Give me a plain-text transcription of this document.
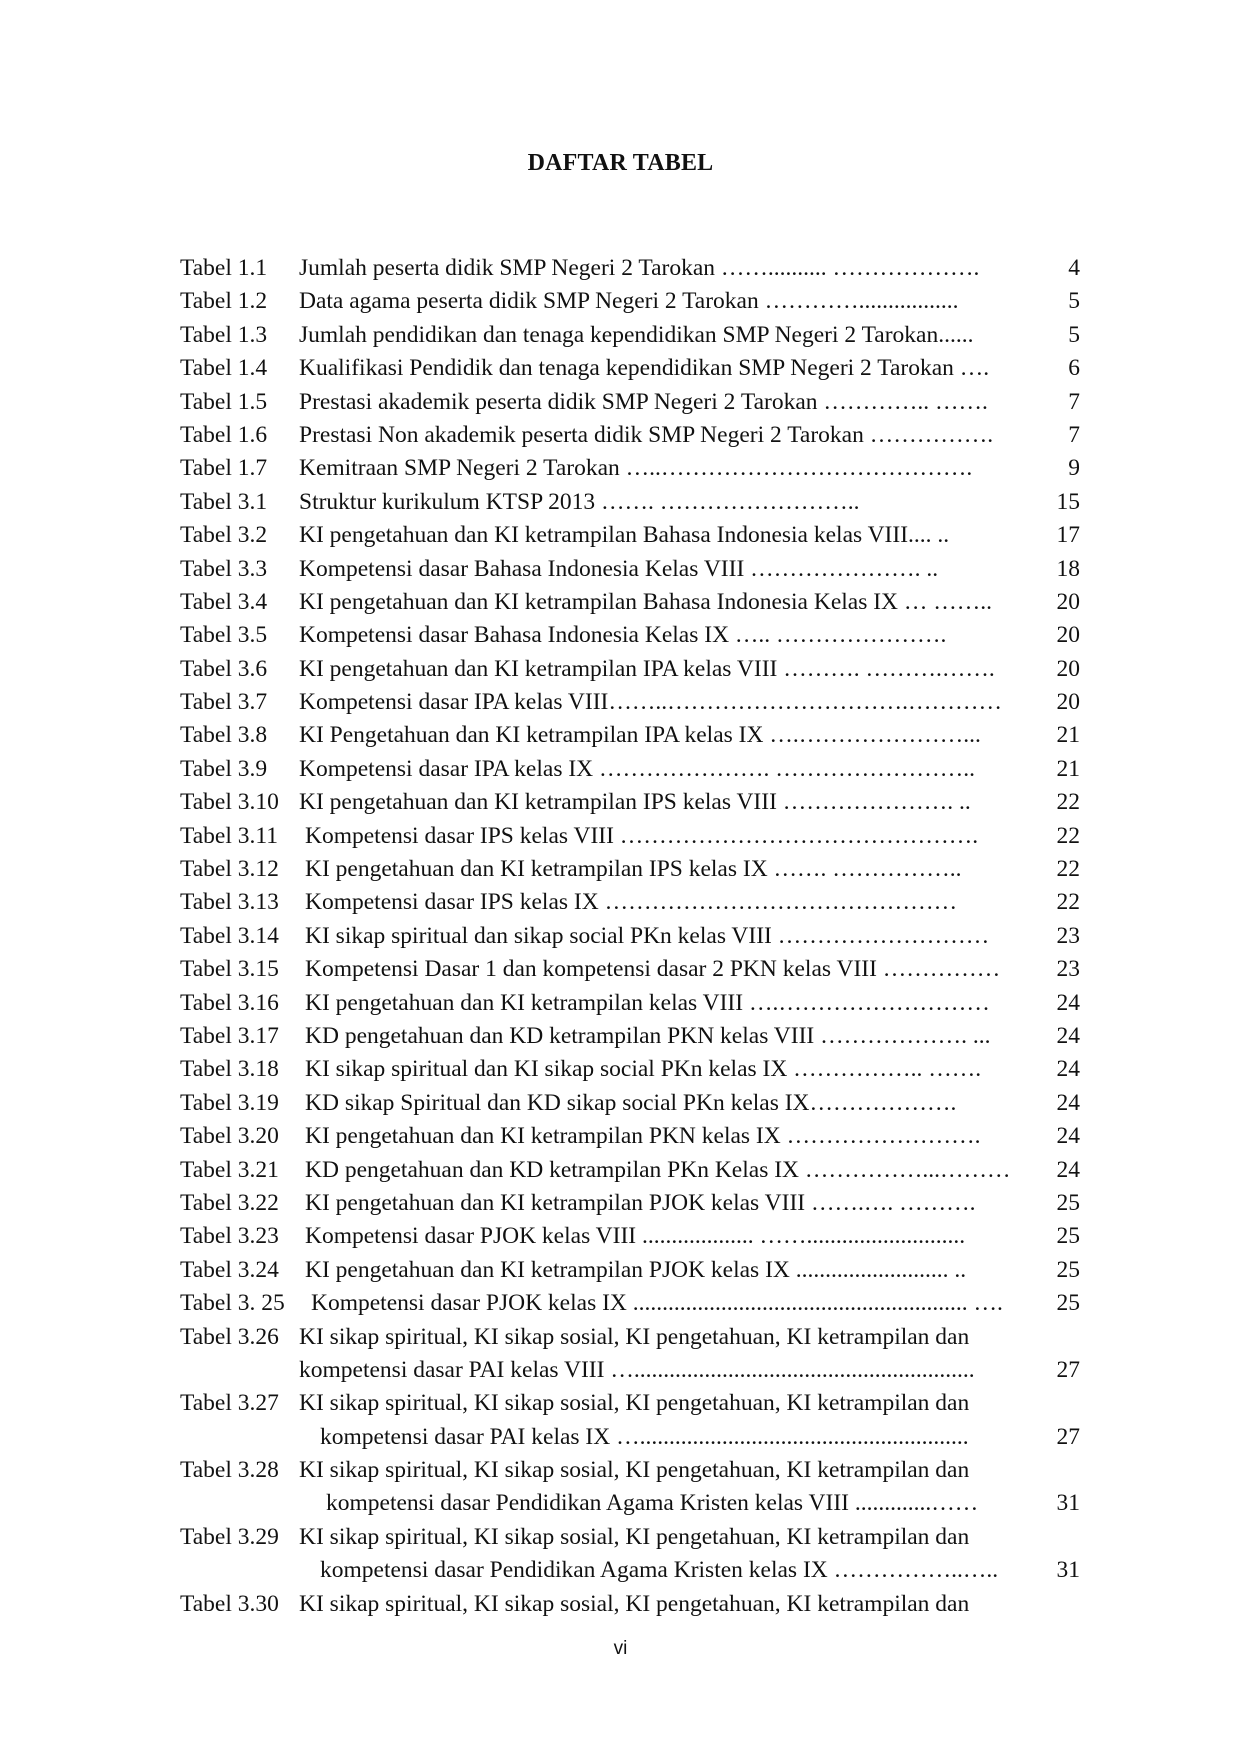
DAFTAR TABEL
Tabel 1.1 Jumlah peserta didik SMP Negeri 2 Tarokan …….......... ……………….	4
Tabel 1.2 Data agama peserta didik SMP Negeri 2 Tarokan ………….................	5
Tabel 1.3 Jumlah pendidikan dan tenaga kependidikan SMP Negeri 2 Tarokan......	5
Tabel 1.4 Kualifikasi Pendidik dan tenaga kependidikan SMP Negeri 2 Tarokan ….	6
Tabel 1.5 Prestasi akademik peserta didik SMP Negeri 2 Tarokan ………….. …….	7
Tabel 1.6 Prestasi Non akademik peserta didik SMP Negeri 2 Tarokan …………….	7
Tabel 1.7 Kemitraan SMP Negeri 2 Tarokan …..………………………………….	9
Tabel 3.1 Struktur kurikulum KTSP 2013 ……. ……………………..	15
Tabel 3.2 KI pengetahuan dan KI ketrampilan Bahasa Indonesia kelas VIII.... ..	17
Tabel 3.3 Kompetensi dasar Bahasa Indonesia Kelas VIII …………………. ..	18
Tabel 3.4 KI pengetahuan dan KI ketrampilan Bahasa Indonesia Kelas IX … ……..	20
Tabel 3.5 Kompetensi dasar Bahasa Indonesia Kelas IX ….. ………………….	20
Tabel 3.6 KI pengetahuan dan KI ketrampilan IPA kelas VIII ………. ……….…….	20
Tabel 3.7 Kompetensi dasar IPA kelas VIII……..………………………….………… 20
Tabel 3.8 KI Pengetahuan dan KI ketrampilan IPA kelas IX ….…………………...	21
Tabel 3.9 Kompetensi dasar IPA kelas IX …………………. ……………………..	21
Tabel 3.10 KI pengetahuan dan KI ketrampilan IPS kelas VIII …………………. ..	22
Tabel 3.11 Kompetensi dasar IPS kelas VIII ……………………………………….	22
Tabel 3.12 KI pengetahuan dan KI ketrampilan IPS kelas IX ……. ……………..	22
Tabel 3.13 Kompetensi dasar IPS kelas IX ………………………………………	22
Tabel 3.14 KI sikap spiritual dan sikap social PKn kelas VIII ………………………	23
Tabel 3.15 Kompetensi Dasar 1 dan kompetensi dasar 2 PKN kelas VIII …………… 23
Tabel 3.16 KI pengetahuan dan KI ketrampilan kelas VIII ….………………………	24
Tabel 3.17 KD pengetahuan dan KD ketrampilan PKN kelas VIII ………………. ...	24
Tabel 3.18 KI sikap spiritual dan KI sikap social PKn kelas IX …………….. …….	24
Tabel 3.19 KD sikap Spiritual dan KD sikap social PKn kelas IX……………….	24
Tabel 3.20 KI pengetahuan dan KI ketrampilan PKN kelas IX …………………….	24
Tabel 3.21 KD pengetahuan dan KD ketrampilan PKn Kelas IX ……………...……… 24
Tabel 3.22 KI pengetahuan dan KI ketrampilan PJOK kelas VIII …….…. ……….	25
Tabel 3.23 Kompetensi dasar PJOK kelas VIII ................... ……...........................	25
Tabel 3.24 KI pengetahuan dan KI ketrampilan PJOK kelas IX .......................... ..	25
Tabel 3. 25 Kompetensi dasar PJOK kelas IX ......................................................... …. 25
Tabel 3.26 KI sikap spiritual, KI sikap sosial, KI pengetahuan, KI ketrampilan dan
kompetensi dasar PAI kelas VIII …..........................................................	27
Tabel 3.27 KI sikap spiritual, KI sikap sosial, KI pengetahuan, KI ketrampilan dan
kompetensi dasar PAI kelas IX …........................................................	27
Tabel 3.28 KI sikap spiritual, KI sikap sosial, KI pengetahuan, KI ketrampilan dan
kompetensi dasar Pendidikan Agama Kristen kelas VIII .............……	31
Tabel 3.29 KI sikap spiritual, KI sikap sosial, KI pengetahuan, KI ketrampilan dan
kompetensi dasar Pendidikan Agama Kristen kelas IX ……………..….. 31
Tabel 3.30 KI sikap spiritual, KI sikap sosial, KI pengetahuan, KI ketrampilan dan
vi
